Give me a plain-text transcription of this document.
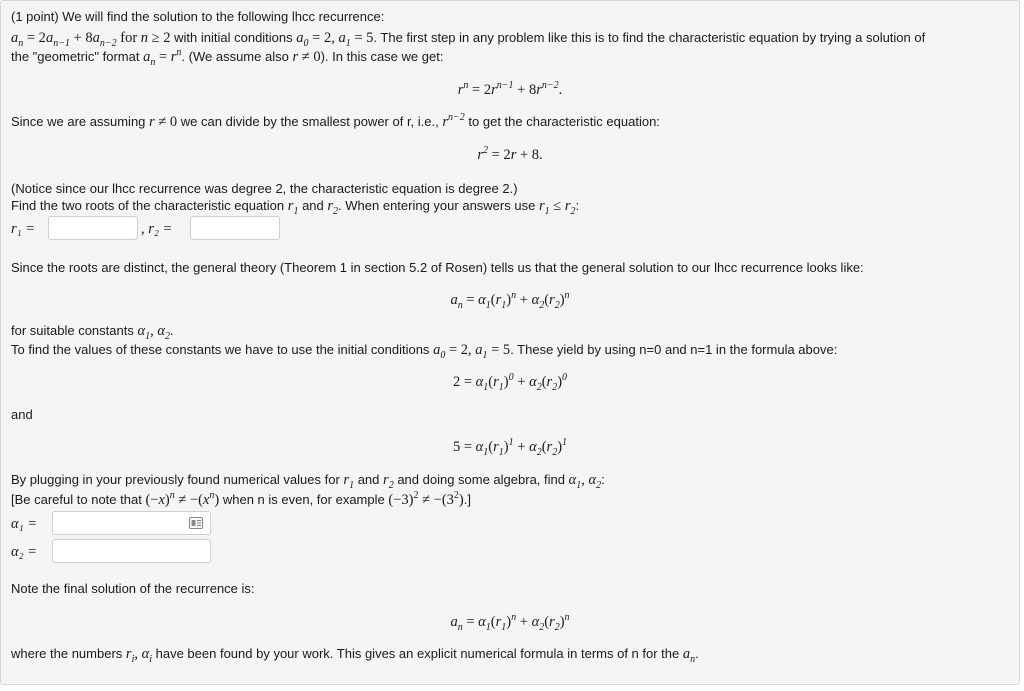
(1 point) We will find the solution to the following lhcc recurrence:
$a_n = 2a_{n-1} + 8a_{n-2}$ for n ≥ 2 with initial conditions $a_0 = 2$, $a_1 = 5$. The first step in any problem like this is to find the characteristic equation by trying a solution of
the "geometric" format $a_n = r^n$. (We assume also r ≠ 0). In this case we get:
$r^n = 2r^{n-1} + 8r^{n-2}$.
Since we are assuming r ≠ 0 we can divide by the smallest power of r, i.e., $r^{n-2}$ to get the characteristic equation:
$r^2 = 2r + 8$.
(Notice since our lhcc recurrence was degree 2, the characteristic equation is degree 2.)
Find the two roots of the characteristic equation $r_1$ and $r_2$. When entering your answers use $r_1 \le r_2$:
r₁ =	, r₂ =
Since the roots are distinct, the general theory (Theorem 1 in section 5.2 of Rosen) tells us that the general solution to our lhcc recurrence looks like:
$a_n = \alpha_1(r_1)^n + \alpha_2(r_2)^n$
for suitable constants $\alpha_1$, $\alpha_2$.
To find the values of these constants we have to use the initial conditions $a_0 = 2$, $a_1 = 5$. These yield by using n=0 and n=1 in the formula above:
$2 = \alpha_1(r_1)^0 + \alpha_2(r_2)^0$
and
$5 = \alpha_1(r_1)^1 + \alpha_2(r_2)^1$
By plugging in your previously found numerical values for $r_1$ and $r_2$ and doing some algebra, find $\alpha_1$, $\alpha_2$:
[Be careful to note that $(-x)^n \ne -(x^n)$ when n is even, for example $(-3)^2 \ne -(3^2)$.]
α₁ =
α₂ =
Note the final solution of the recurrence is:
$a_n = \alpha_1(r_1)^n + \alpha_2(r_2)^n$
where the numbers $r_i$, $\alpha_i$ have been found by your work. This gives an explicit numerical formula in terms of n for the $a_n$.
